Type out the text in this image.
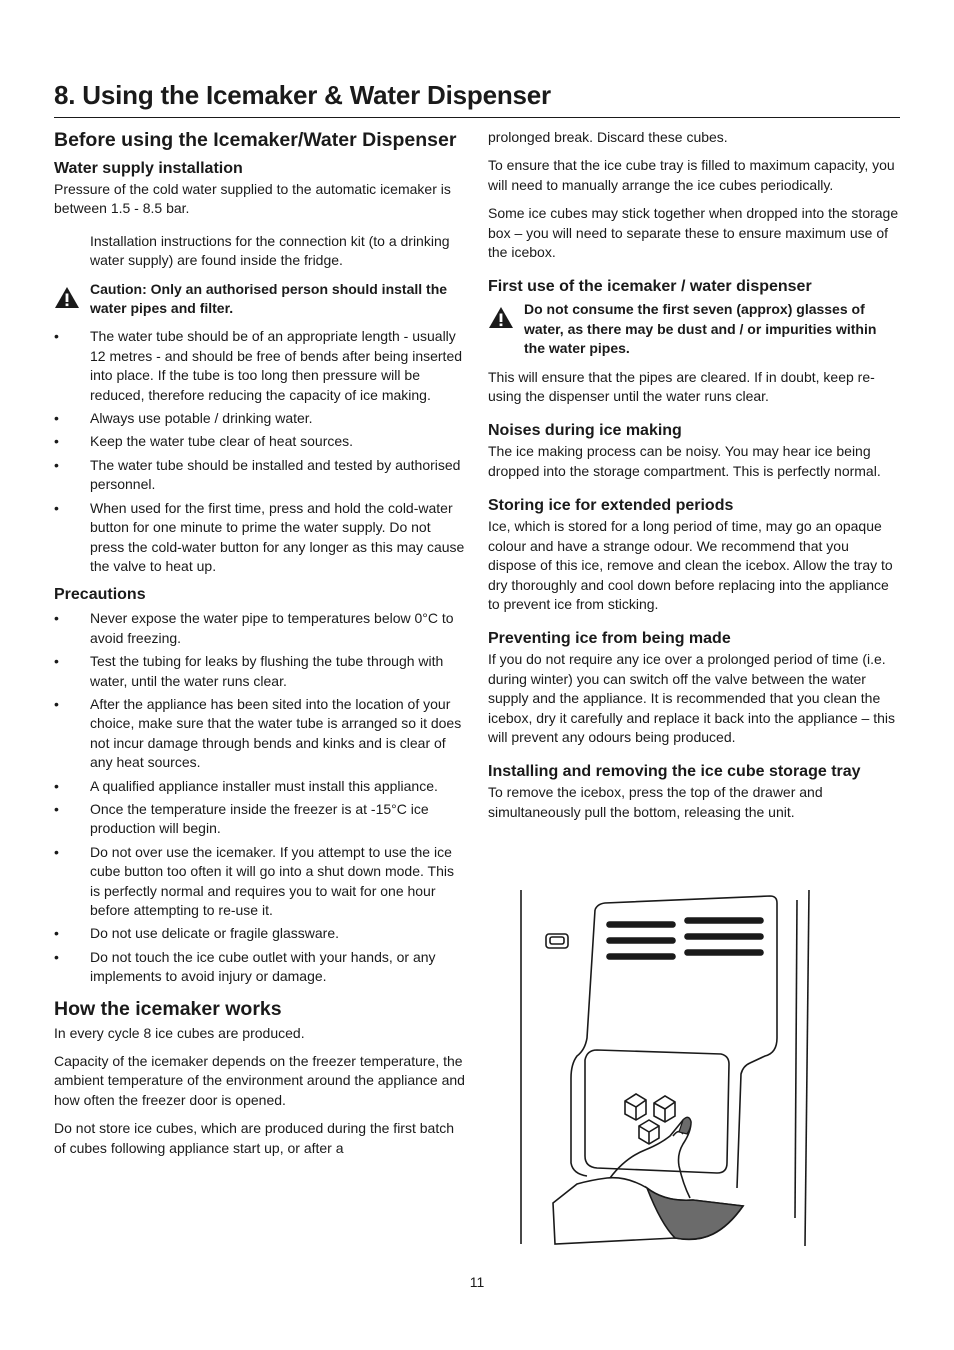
8. Using the Icemaker & Water Dispenser
Before using the Icemaker/Water Dispenser
Water supply installation

Pressure of the cold water supplied to the automatic icemaker is between 1.5 - 8.5 bar.

Installation instructions for the connection kit (to a drinking water supply) are found inside the fridge.

Caution: Only an authorised person should install the water pipes and filter.
• The water tube should be of an appropriate length - usually 12 metres - and should be free of bends after being inserted into place. If the tube is too long then pressure will be reduced, therefore reducing the capacity of ice making.
• Always use potable / drinking water.
• Keep the water tube clear of heat sources.
• The water tube should be installed and tested by authorised personnel.
• When used for the first time, press and hold the cold-water button for one minute to prime the water supply. Do not press the cold-water button for any longer as this may cause the valve to heat up.
Precautions
• Never expose the water pipe to temperatures below 0°C to avoid freezing.
• Test the tubing for leaks by flushing the tube through with water, until the water runs clear.
• After the appliance has been sited into the location of your choice, make sure that the water tube is arranged so it does not incur damage through bends and kinks and is clear of any heat sources.
• A qualified appliance installer must install this appliance.
• Once the temperature inside the freezer is at -15°C ice production will begin.
• Do not over use the icemaker. If you attempt to use the ice cube button too often it will go into a shut down mode. This is perfectly normal and requires you to wait for one hour before attempting to re-use it.
• Do not use delicate or fragile glassware.
• Do not touch the ice cube outlet with your hands, or any implements to avoid injury or damage.
How the icemaker works

In every cycle 8 ice cubes are produced.

Capacity of the icemaker depends on the freezer temperature, the ambient temperature of the environment around the appliance and how often the freezer door is opened.

Do not store ice cubes, which are produced during the first batch of cubes following appliance start up, or after a

prolonged break. Discard these cubes.

To ensure that the ice cube tray is filled to maximum capacity, you will need to manually arrange the ice cubes periodically.

Some ice cubes may stick together when dropped into the storage box – you will need to separate these to ensure maximum use of the icebox.

First use of the icemaker / water dispenser
Do not consume the first seven (approx) glasses of water, as there may be dust and / or impurities within the water pipes.

This will ensure that the pipes are cleared. If in doubt, keep re-using the dispenser until the water runs clear.

Noises during ice making

The ice making process can be noisy. You may hear ice being dropped into the storage compartment. This is perfectly normal.

Storing ice for extended periods

Ice, which is stored for a long period of time, may go an opaque colour and have a strange odour. We recommend that you dispose of this ice, remove and clean the icebox. Allow the tray to dry thoroughly and cool down before replacing into the appliance to prevent ice from sticking.

Preventing ice from being made

If you do not require any ice over a prolonged period of time (i.e. during winter) you can switch off the valve between the water supply and the appliance. It is recommended that you clean the icebox, dry it carefully and replace it back into the appliance – this will prevent any odours being produced.

Installing and removing the ice cube storage tray

To remove the icebox, press the top of the drawer and simultaneously pull the bottom, releasing the unit.

11
